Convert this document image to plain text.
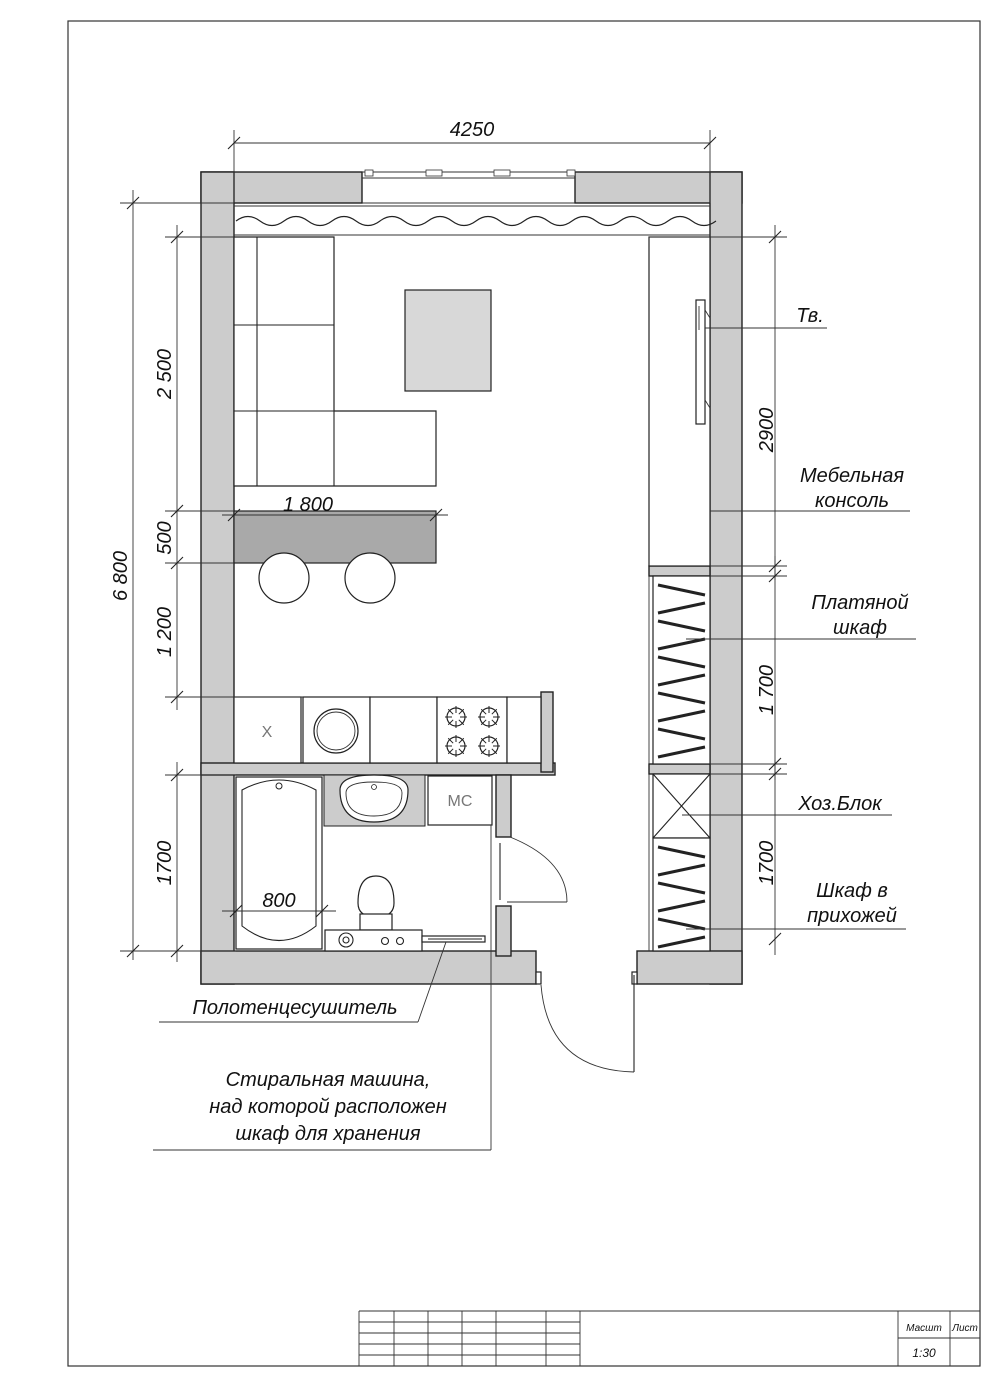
X
МС
4250
6 800
2 500
500
1 200
1700
1 800
800
2900
1 700
1700
Тв.
Мебельная
консоль
Платяной
шкаф
Хоз.Блок
Шкаф в
прихожей
Полотенцесушитель
Стиральная машина,
над которой расположен
шкаф для хранения
Масшт Лист
1:30
